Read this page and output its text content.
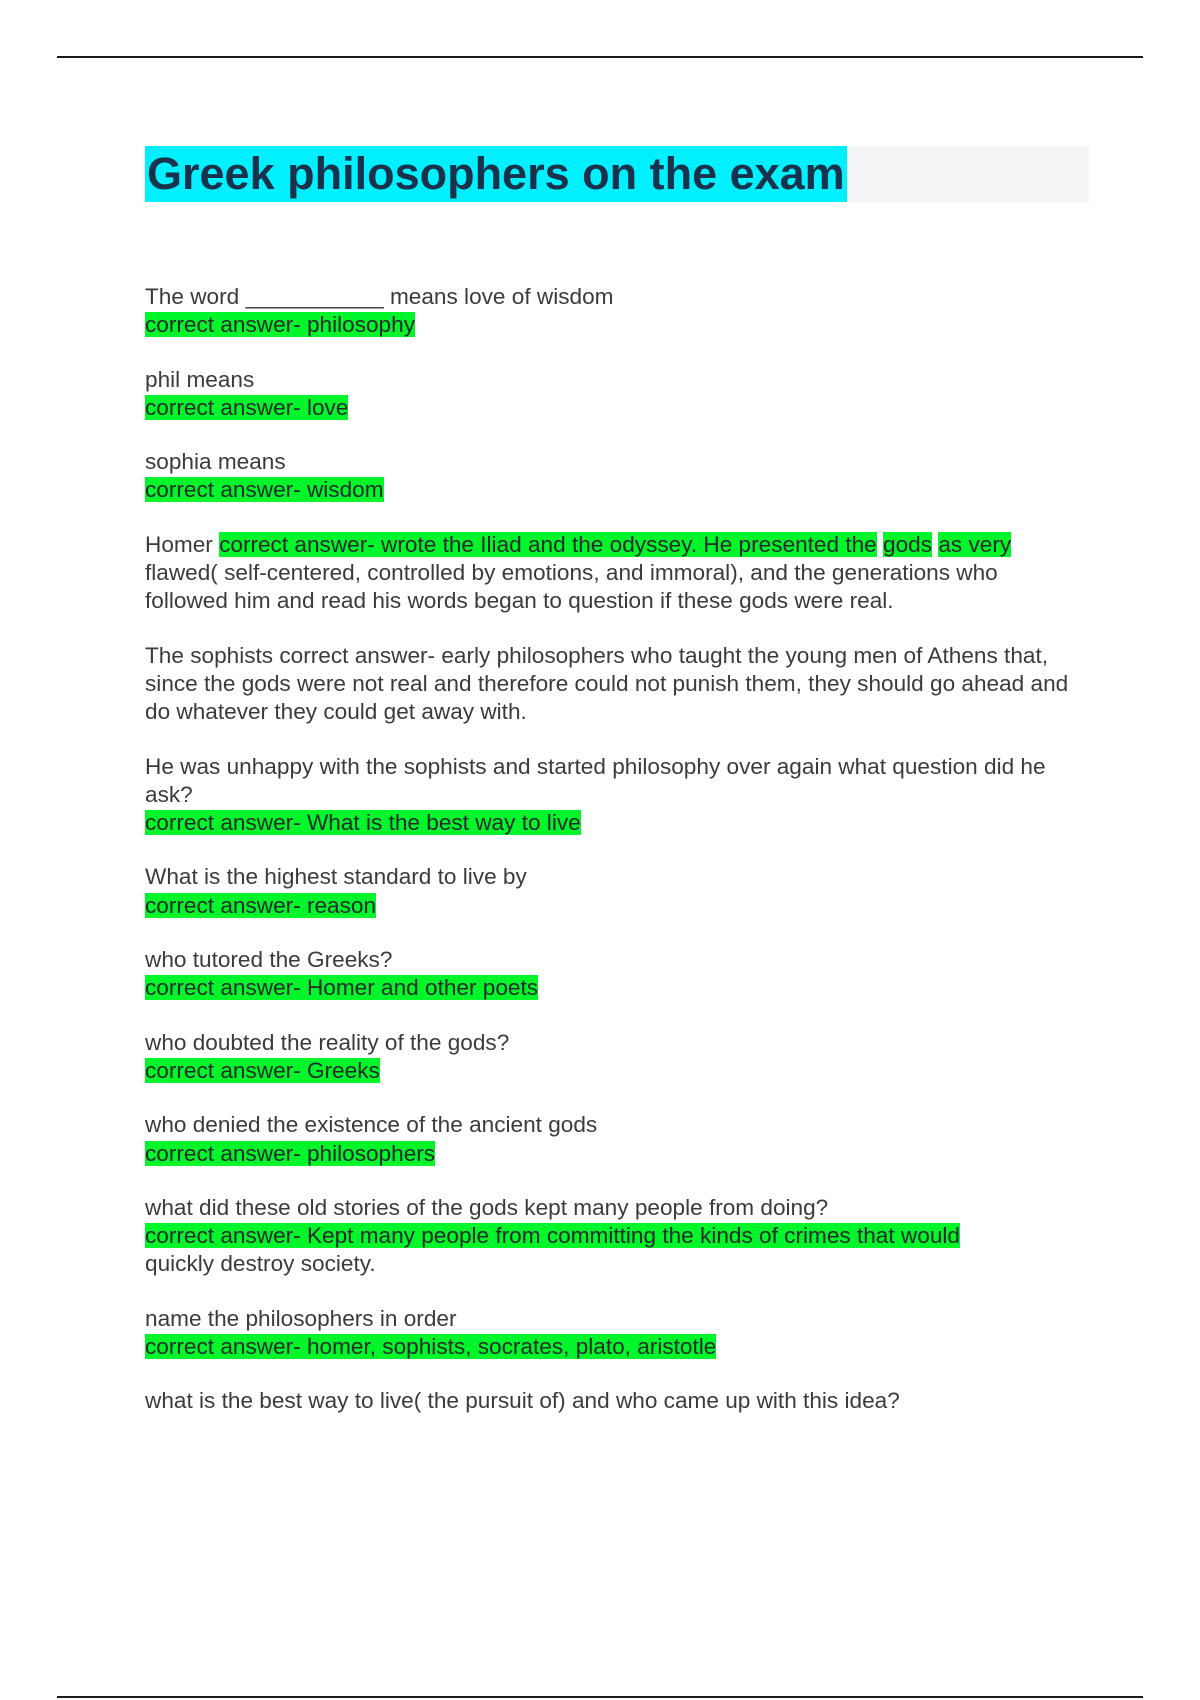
Greek philosophers on the exam
The word ___________ means love of wisdom
correct answer- philosophy
phil means
correct answer- love
sophia means
correct answer- wisdom
Homer correct answer- wrote the Iliad and the odyssey. He presented the gods as very flawed( self-centered, controlled by emotions, and immoral), and the generations who followed him and read his words began to question if these gods were real.
The sophists correct answer- early philosophers who taught the young men of Athens that, since the gods were not real and therefore could not punish them, they should go ahead and do whatever they could get away with.
He was unhappy with the sophists and started philosophy over again what question did he ask?
correct answer- What is the best way to live
What is the highest standard to live by
correct answer- reason
who tutored the Greeks?
correct answer- Homer and other poets
who doubted the reality of the gods?
correct answer- Greeks
who denied the existence of the ancient gods
correct answer- philosophers
what did these old stories of the gods kept many people from doing?
correct answer- Kept many people from committing the kinds of crimes that would
quickly destroy society.
name the philosophers in order
correct answer- homer, sophists, socrates, plato, aristotle
what is the best way to live( the pursuit of) and who came up with this idea?
